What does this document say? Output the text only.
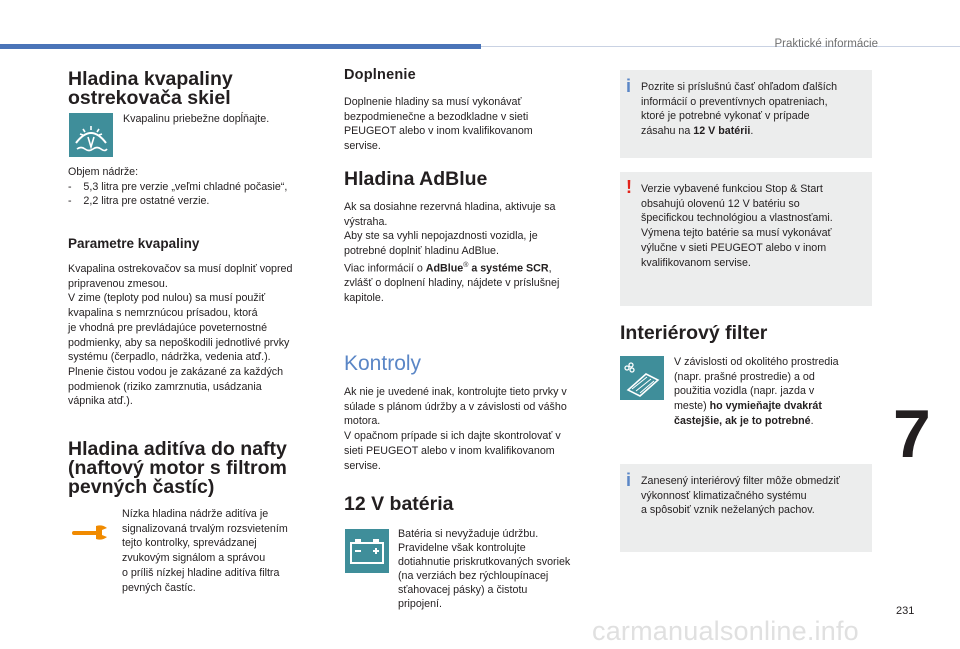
Praktické informácie
7
231
carmanualsonline.info
Hladina kvapaliny
ostrekovača skiel

Kvapalinu priebežne dopĺňajte.

Objem nádrže:
-    5,3 litra pre verzie „veľmi chladné počasie“,
-    2,2 litra pre ostatné verzie.

Parametre kvapaliny

Kvapalina ostrekovačov sa musí doplniť vopred
pripravenou zmesou.
V zime (teploty pod nulou) sa musí použiť
kvapalina s nemrznúcou prísadou, ktorá
je vhodná pre prevládajúce poveternostné
podmienky, aby sa nepoškodili jednotlivé prvky
systému (čerpadlo, nádržka, vedenia atď.).
Plnenie čistou vodou je zakázané za každých
podmienok (riziko zamrznutia, usádzania
vápnika atď.).

Hladina aditíva do nafty
(naftový motor s filtrom
pevných častíc)

Nízka hladina nádrže aditíva je
signalizovaná trvalým rozsvietením
tejto kontrolky, sprevádzanej
zvukovým signálom a správou
o príliš nízkej hladine aditíva filtra
pevných častíc.

Doplnenie

Doplnenie hladiny sa musí vykonávať
bezpodmienečne a bezodkladne v sieti
PEUGEOT alebo v inom kvalifikovanom
servise.

Hladina AdBlue

Ak sa dosiahne rezervná hladina, aktivuje sa
výstraha.
Aby ste sa vyhli nepojazdnosti vozidla, je
potrebné doplniť hladinu AdBlue.
Viac informácií o AdBlue® a systéme SCR,
zvlášť o doplnení hladiny, nájdete v príslušnej
kapitole.

Kontroly

Ak nie je uvedené inak, kontrolujte tieto prvky v
súlade s plánom údržby a v závislosti od vášho
motora.
V opačnom prípade si ich dajte skontrolovať v
sieti PEUGEOT alebo v inom kvalifikovanom
servise.

12 V batéria

Batéria si nevyžaduje údržbu.
Pravidelne však kontrolujte
dotiahnutie priskrutkovaných svoriek
(na verziách bez rýchloupínacej
sťahovacej pásky) a čistotu
pripojení.

i Pozrite si príslušnú časť ohľadom ďalších
informácií o preventívnych opatreniach,
ktoré je potrebné vykonať v prípade
zásahu na 12 V batérii.
! Verzie vybavené funkciou Stop & Start
obsahujú olovenú 12 V batériu so
špecifickou technológiou a vlastnosťami.
Výmena tejto batérie sa musí vykonávať
výlučne v sieti PEUGEOT alebo v inom
kvalifikovanom servise.
Interiérový filter

V závislosti od okolitého prostredia
(napr. prašné prostredie) a od
použitia vozidla (napr. jazda v
meste) ho vymieňajte dvakrát
častejšie, ak je to potrebné.

i Zanesený interiérový filter môže obmedziť
výkonnosť klimatizačného systému
a spôsobiť vznik neželaných pachov.
